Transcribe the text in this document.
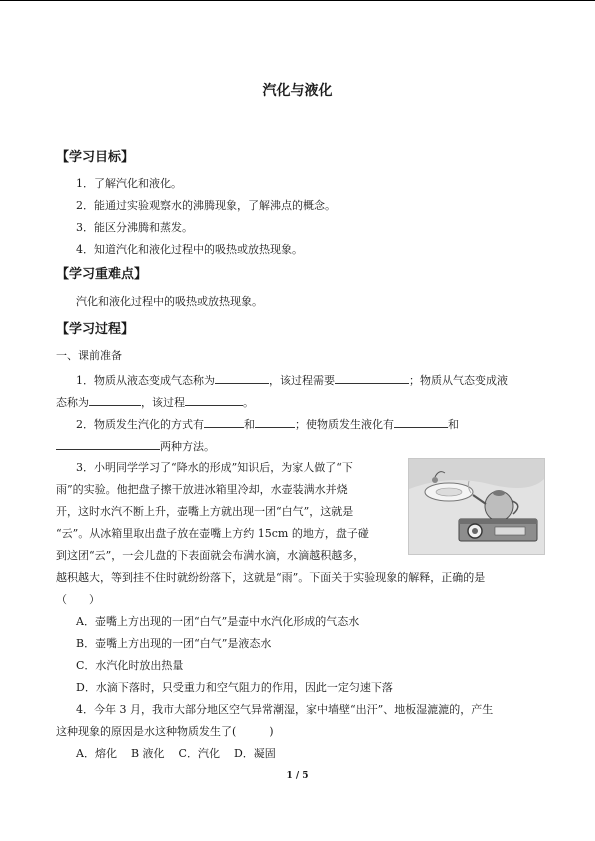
汽化与液化
【学习目标】
1．了解汽化和液化。
2．能通过实验观察水的沸腾现象，了解沸点的概念。
3．能区分沸腾和蒸发。
4．知道汽化和液化过程中的吸热或放热现象。
【学习重难点】
汽化和液化过程中的吸热或放热现象。
【学习过程】
一、课前准备
1．物质从液态变成气态称为	，该过程需要	；物质从气态变成液
态称为	，该过程	。
2．物质发生汽化的方式有	和	；使物质发生液化有	和
两种方法。
3．小明同学学习了“降水的形成”知识后，为家人做了“下
雨”的实验。他把盘子擦干放进冰箱里冷却，水壶装满水并烧
开，这时水汽不断上升，壶嘴上方就出现一团“白气”，这就是
“云”。从冰箱里取出盘子放在壶嘴上方约 15cm 的地方，盘子碰
到这团“云”，一会儿盘的下表面就会布满水滴，水滴越积越多，
越积越大，等到挂不住时就纷纷落下，这就是“雨”。下面关于实验现象的解释，正确的是
（　　）
A．壶嘴上方出现的一团“白气”是壶中水汽化形成的气态水
B．壶嘴上方出现的一团“白气”是液态水
C．水汽化时放出热量
D．水滴下落时，只受重力和空气阻力的作用，因此一定匀速下落
4．今年 3 月，我市大部分地区空气异常潮湿，家中墙壁“出汗”、地板湿漉漉的，产生
这种现象的原因是水这种物质发生了(　　　)
A．熔化 B 液化 C．汽化 D．凝固
1 / 5
